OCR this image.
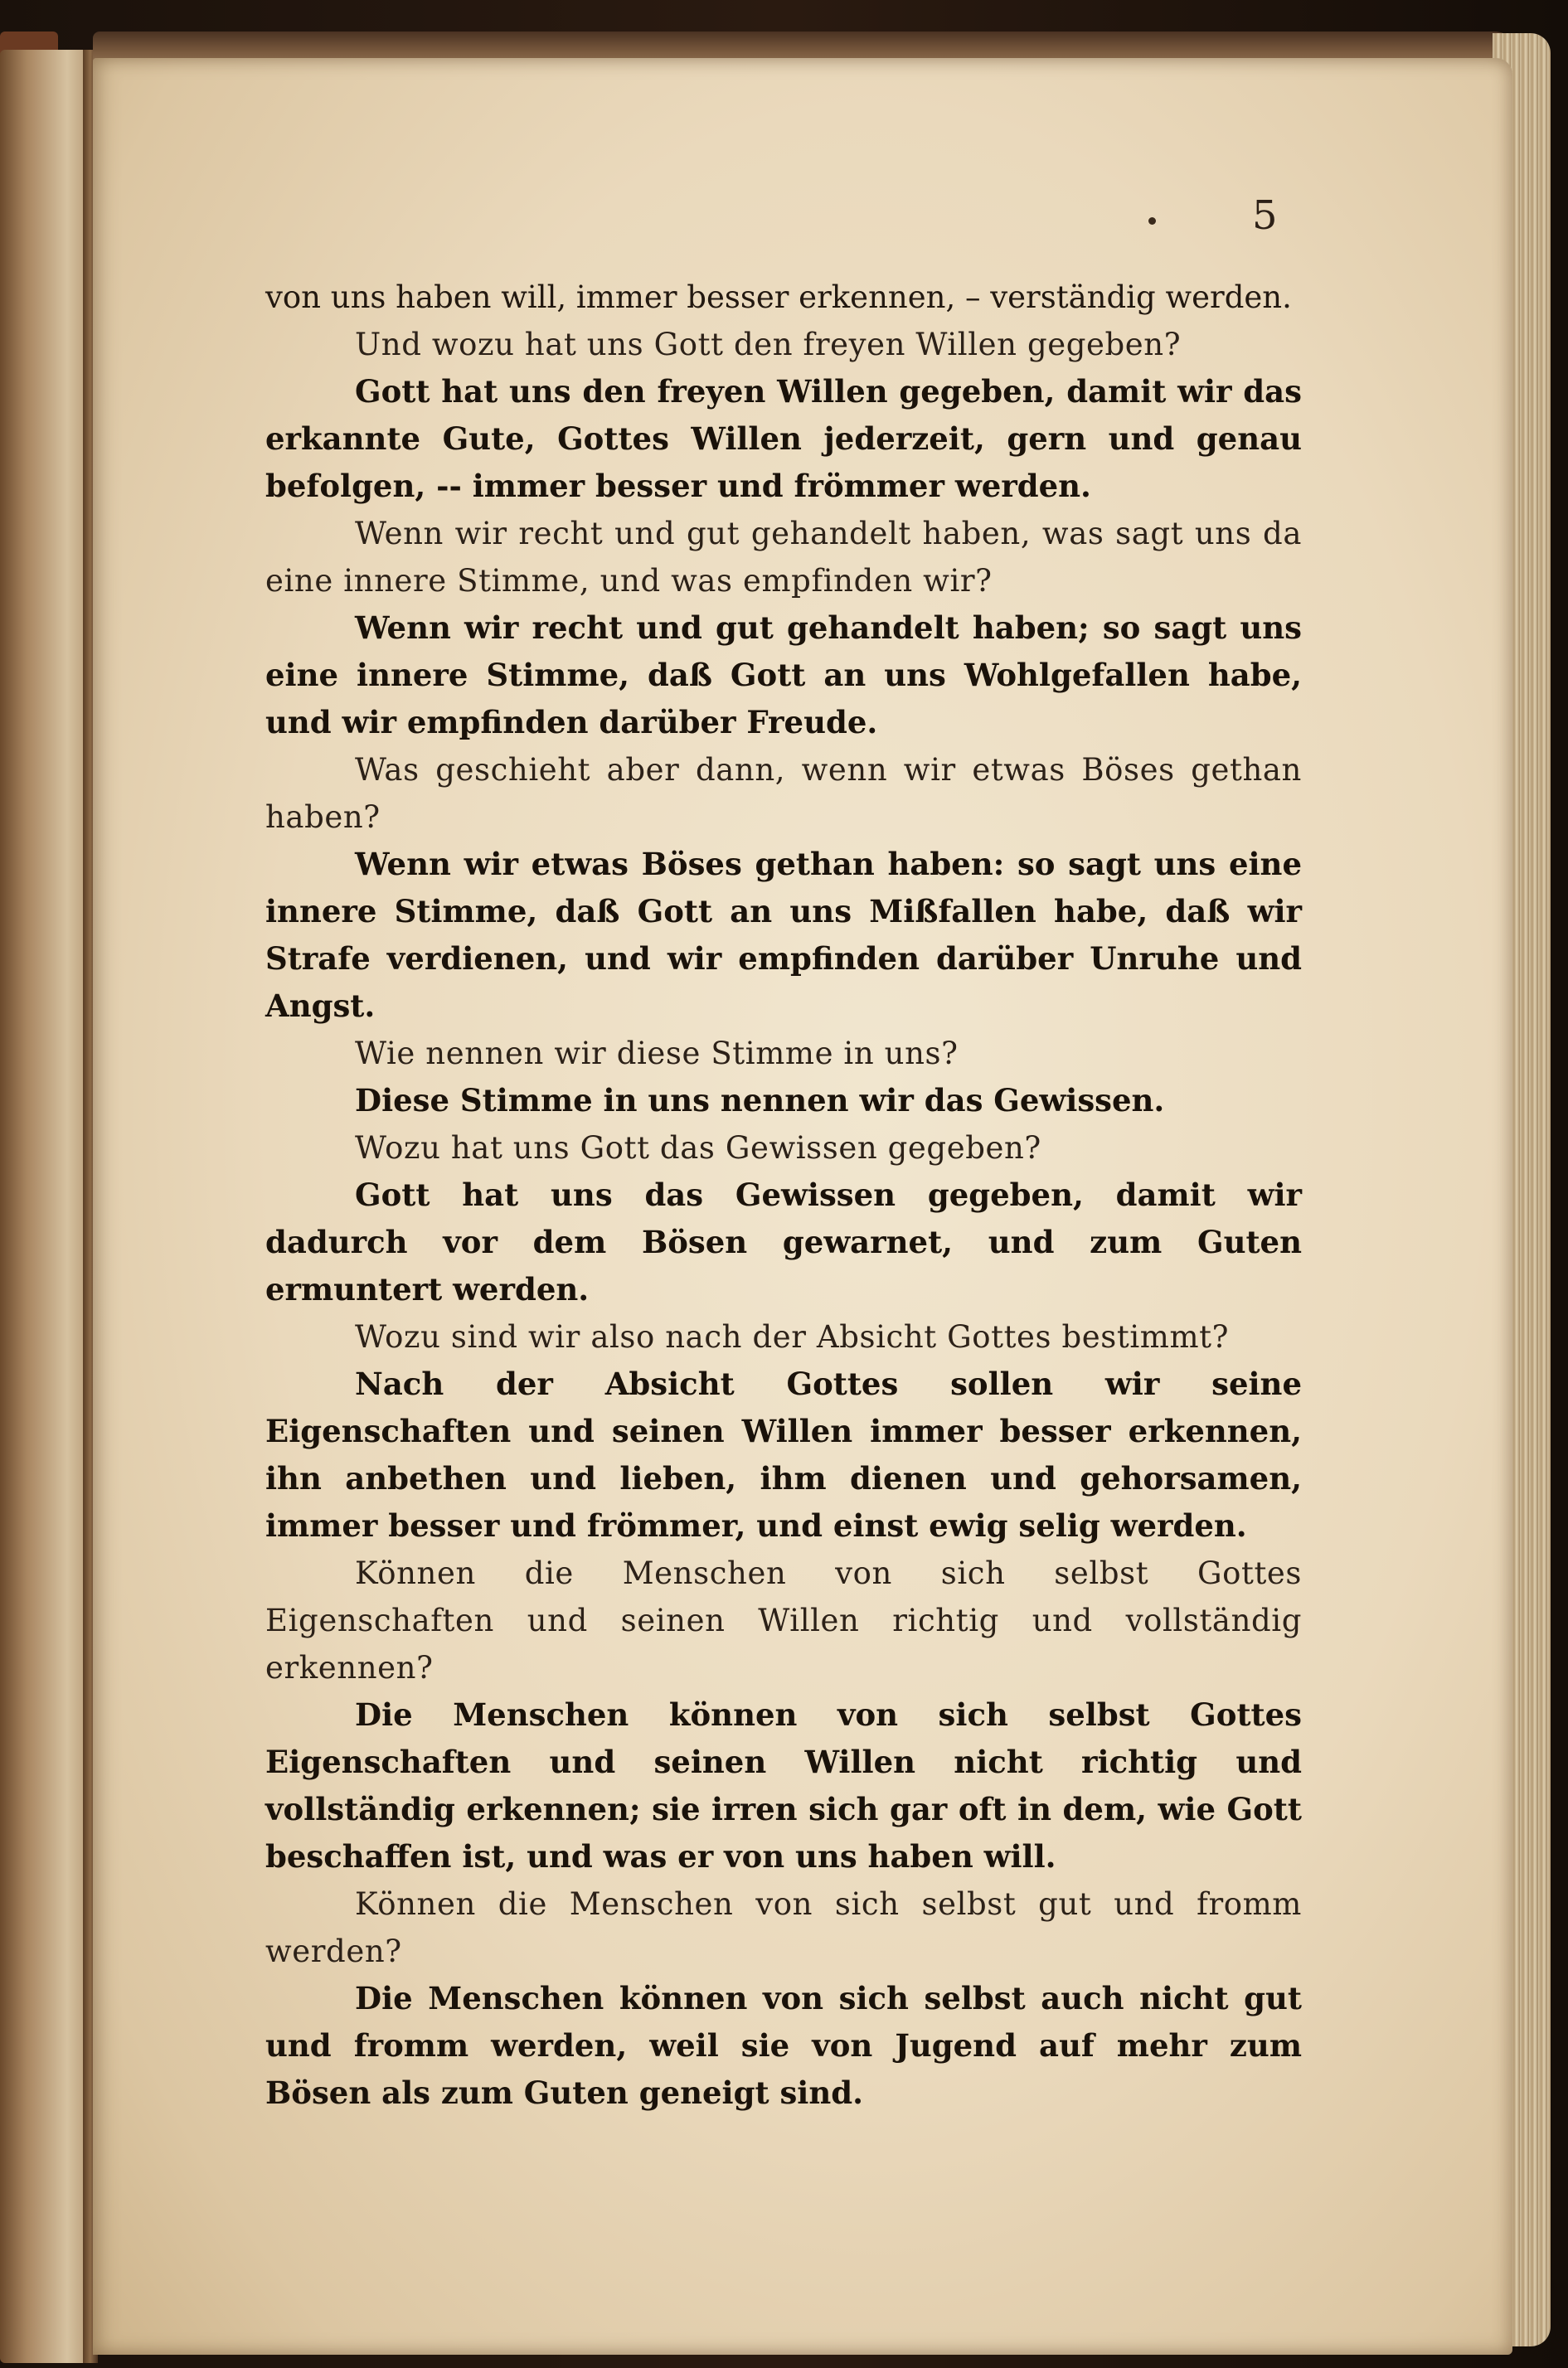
5

von uns haben will, immer besser erkennen, – verständig werden.

Und wozu hat uns Gott den freyen Willen gegeben?

Gott hat uns den freyen Willen gegeben, damit wir das erkannte Gute, Gottes Willen jederzeit, gern und genau befolgen, -- immer besser und frömmer werden.

Wenn wir recht und gut gehandelt haben, was sagt uns da eine innere Stimme, und was empfinden wir?

Wenn wir recht und gut gehandelt haben; so sagt uns eine innere Stimme, daß Gott an uns Wohlgefallen habe, und wir empfinden darüber Freude.

Was geschieht aber dann, wenn wir etwas Böses gethan haben?

Wenn wir etwas Böses gethan haben: so sagt uns eine innere Stimme, daß Gott an uns Mißfallen habe, daß wir Strafe verdienen, und wir empfinden darüber Unruhe und Angst.

Wie nennen wir diese Stimme in uns?

Diese Stimme in uns nennen wir das Gewissen.

Wozu hat uns Gott das Gewissen gegeben?

Gott hat uns das Gewissen gegeben, damit wir dadurch vor dem Bösen gewarnet, und zum Guten ermuntert werden.

Wozu sind wir also nach der Absicht Gottes bestimmt?

Nach der Absicht Gottes sollen wir seine Eigenschaften und seinen Willen immer besser erkennen, ihn anbethen und lieben, ihm dienen und gehorsamen, immer besser und frömmer, und einst ewig selig werden.

Können die Menschen von sich selbst Gottes Eigenschaften und seinen Willen richtig und vollständig erkennen?

Die Menschen können von sich selbst Gottes Eigenschaften und seinen Willen nicht richtig und vollständig erkennen; sie irren sich gar oft in dem, wie Gott beschaffen ist, und was er von uns haben will.

Können die Menschen von sich selbst gut und fromm werden?

Die Menschen können von sich selbst auch nicht gut und fromm werden, weil sie von Jugend auf mehr zum Bösen als zum Guten geneigt sind.
